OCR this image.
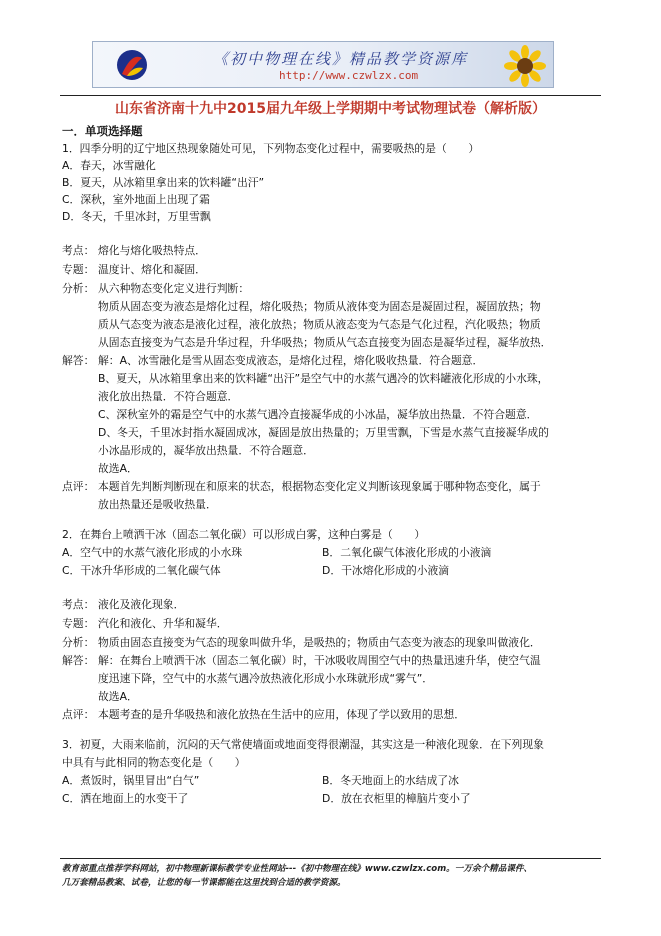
《初中物理在线》精品教学资源库
http://www.czwlzx.com
山东省济南十九中2015届九年级上学期期中考试物理试卷（解析版）
一．单项选择题
1．四季分明的辽宁地区热现象随处可见，下列物态变化过程中，需要吸热的是（　　）
A．春天，冰雪融化
B．夏天，从冰箱里拿出来的饮料罐“出汗”
C．深秋，室外地面上出现了霜
D．冬天，千里冰封，万里雪飘
考点： 熔化与熔化吸热特点．
专题： 温度计、熔化和凝固．
分析： 从六种物态变化定义进行判断：
物质从固态变为液态是熔化过程，熔化吸热；物质从液体变为固态是凝固过程，凝固放热；物
质从气态变为液态是液化过程，液化放热；物质从液态变为气态是气化过程，汽化吸热；物质
从固态直接变为气态是升华过程，升华吸热；物质从气态直接变为固态是凝华过程，凝华放热．
解答： 解：A、冰雪融化是雪从固态变成液态，是熔化过程，熔化吸收热量．符合题意．
B、夏天，从冰箱里拿出来的饮料罐“出汗”是空气中的水蒸气遇冷的饮料罐液化形成的小水珠，
液化放出热量．不符合题意．
C、深秋室外的霜是空气中的水蒸气遇冷直接凝华成的小冰晶，凝华放出热量．不符合题意．
D、冬天，千里冰封指水凝固成冰，凝固是放出热量的；万里雪飘，下雪是水蒸气直接凝华成的
小冰晶形成的，凝华放出热量．不符合题意．
故选A．
点评： 本题首先判断判断现在和原来的状态，根据物态变化定义判断该现象属于哪种物态变化，属于
放出热量还是吸收热量．
2．在舞台上喷洒干冰（固态二氧化碳）可以形成白雾，这种白雾是（　　）
A．空气中的水蒸气液化形成的小水珠	B．二氧化碳气体液化形成的小液滴
C．干冰升华形成的二氧化碳气体	D．干冰熔化形成的小液滴
考点： 液化及液化现象．
专题： 汽化和液化、升华和凝华．
分析： 物质由固态直接变为气态的现象叫做升华，是吸热的；物质由气态变为液态的现象叫做液化．
解答： 解：在舞台上喷洒干冰（固态二氧化碳）时，干冰吸收周围空气中的热量迅速升华，使空气温
度迅速下降，空气中的水蒸气遇冷放热液化形成小水珠就形成“雾气”．
故选A．
点评： 本题考查的是升华吸热和液化放热在生活中的应用，体现了学以致用的思想．
3．初夏，大雨来临前，沉闷的天气常使墙面或地面变得很潮湿，其实这是一种液化现象．在下列现象
中具有与此相同的物态变化是（　　）
A．煮饭时，锅里冒出“白气”	B．冬天地面上的水结成了冰
C．洒在地面上的水变干了	D．放在衣柜里的樟脑片变小了
教育部重点推荐学科网站，初中物理新课标教学专业性网站---《初中物理在线》www.czwlzx.com。一万余个精品课件、
几万套精品教案、试卷，让您的每一节课都能在这里找到合适的教学资源。
